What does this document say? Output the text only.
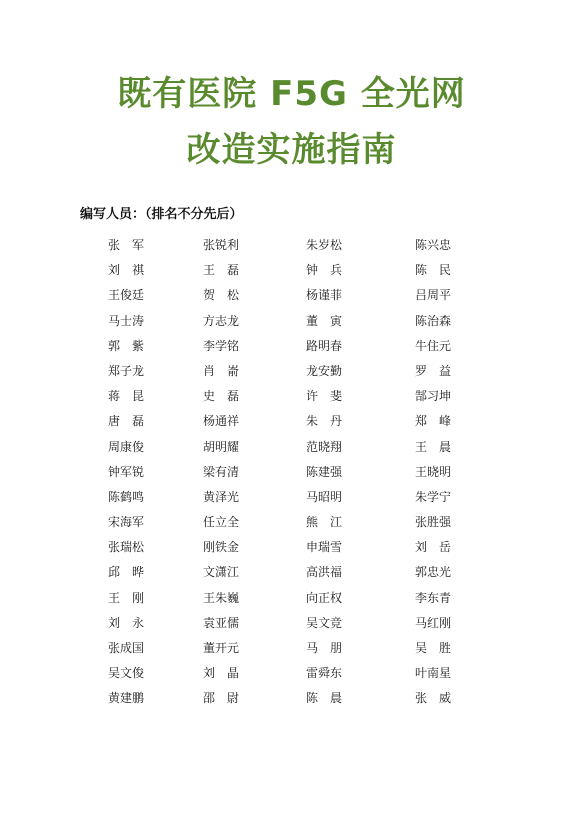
既有医院 F5G 全光网
改造实施指南
编写人员：（排名不分先后）
张　军	张锐利	朱岁松	陈兴忠
刘　祺	王　磊	钟　兵	陈　民
王俊廷	贺　松	杨谨菲	吕周平
马士涛	方志龙	董　寅	陈治森
郭　紫	李学铭	路明春	牛住元
郑子龙	肖　嵛	龙安勤	罗　益
蒋　昆	史　磊	许　斐	郜习坤
唐　磊	杨通祥	朱　丹	郑　峰
周康俊	胡明耀	范晓翔	王　晨
钟军锐	梁有清	陈建强	王晓明
陈鹤鸣	黄泽光	马昭明	朱学宁
宋海军	任立全	熊　江	张胜强
张瑞松	刚铁金	申瑞雪	刘　岳
邱　晔	文潇江	高洪福	郭忠光
王　刚	王朱巍	向正权	李东青
刘　永	袁亚儒	吴文竞	马红刚
张成国	董开元	马　朋	吴　胜
吴文俊	刘　晶	雷舜东	叶南星
黄建鹏	邵　尉	陈　晨	张　威
